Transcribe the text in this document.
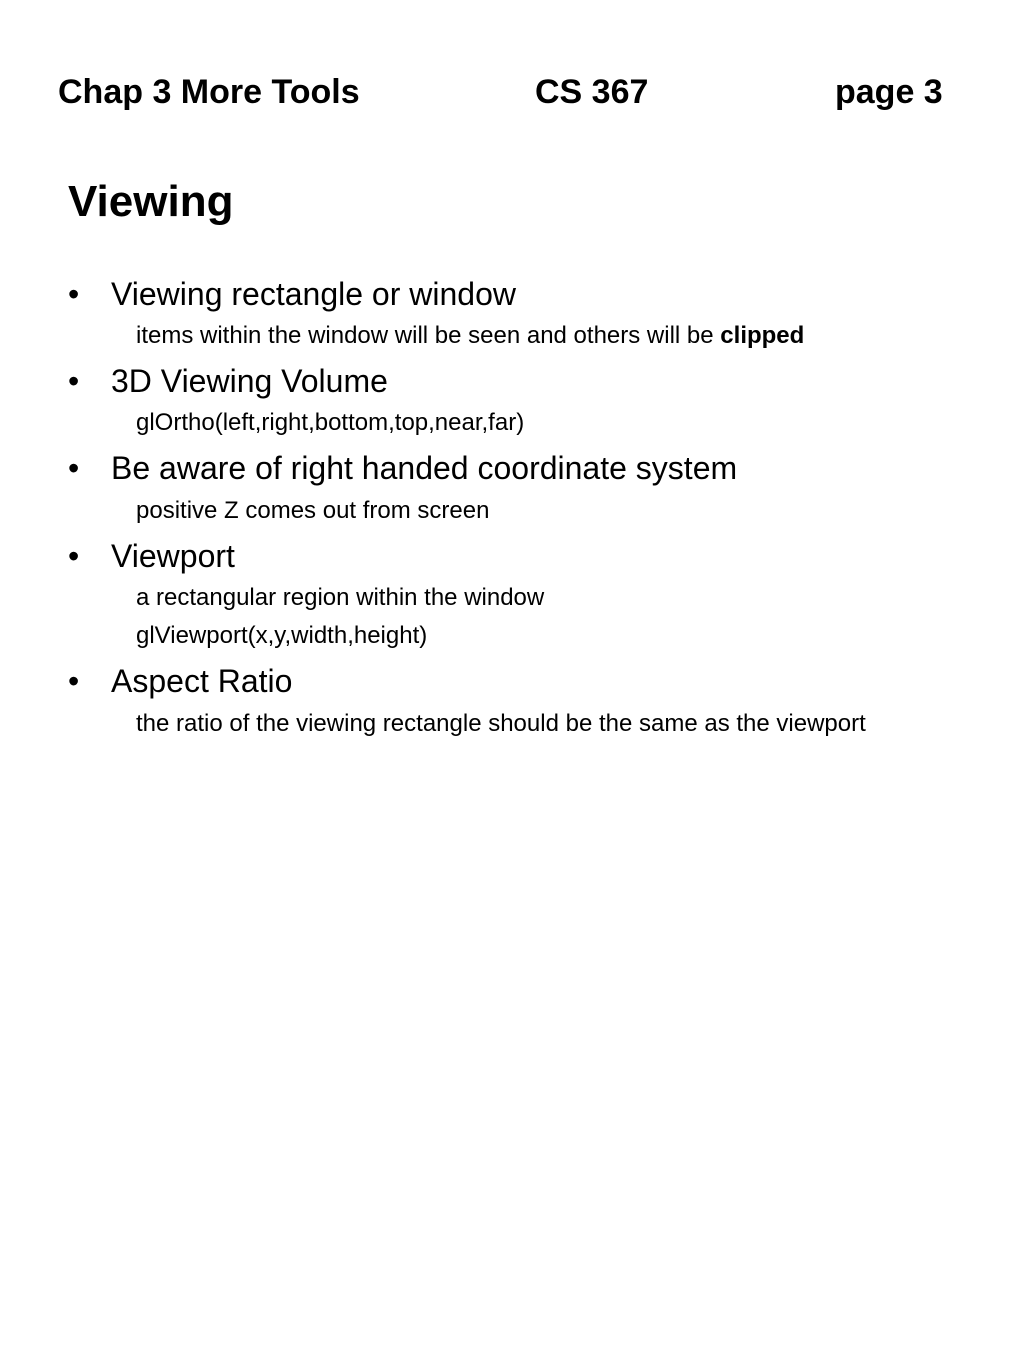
Chap 3 More Tools	CS 367	page 3
Viewing
• Viewing rectangle or window
items within the window will be seen and others will be clipped
• 3D Viewing Volume
glOrtho(left,right,bottom,top,near,far)
• Be aware of right handed coordinate system
positive Z comes out from screen
• Viewport
a rectangular region within the window
glViewport(x,y,width,height)
• Aspect Ratio
the ratio of the viewing rectangle should be the same as the viewport
